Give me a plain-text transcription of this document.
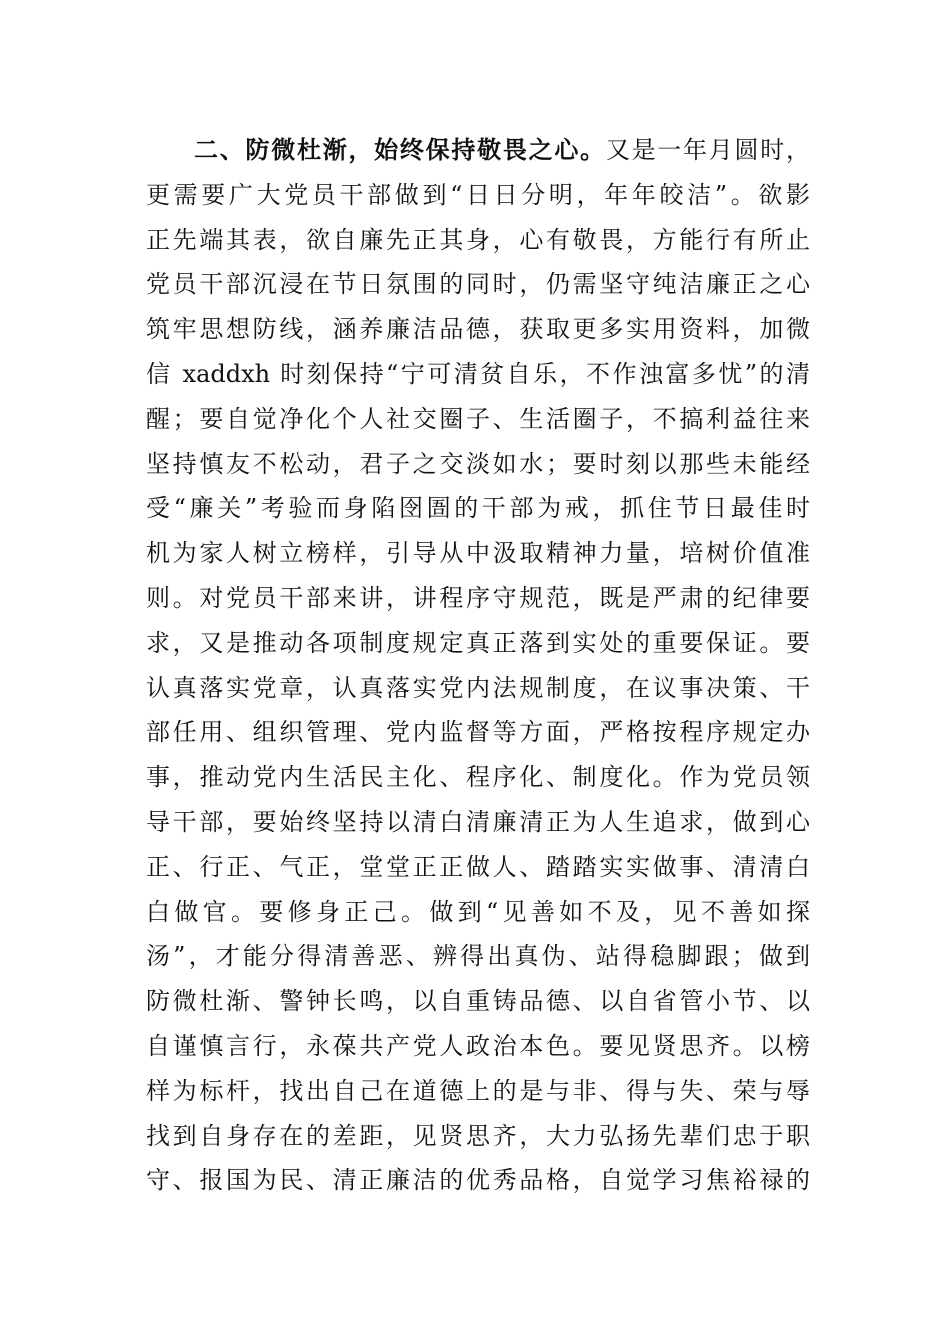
二、防微杜渐，始终保持敬畏之心。又是一年月圆时，
更需要广大党员干部做到“日日分明，年年皎洁”。欲影
正先端其表，欲自廉先正其身，心有敬畏，方能行有所止
党员干部沉浸在节日氛围的同时，仍需坚守纯洁廉正之心
筑牢思想防线，涵养廉洁品德，获取更多实用资料，加微
信 xaddxh 时刻保持“宁可清贫自乐，不作浊富多忧”的清
醒；要自觉净化个人社交圈子、生活圈子，不搞利益往来
坚持慎友不松动，君子之交淡如水；要时刻以那些未能经
受“廉关”考验而身陷囹圄的干部为戒，抓住节日最佳时
机为家人树立榜样，引导从中汲取精神力量，培树价值准
则。对党员干部来讲，讲程序守规范，既是严肃的纪律要
求，又是推动各项制度规定真正落到实处的重要保证。要
认真落实党章，认真落实党内法规制度，在议事决策、干
部任用、组织管理、党内监督等方面，严格按程序规定办
事，推动党内生活民主化、程序化、制度化。作为党员领
导干部，要始终坚持以清白清廉清正为人生追求，做到心
正、行正、气正，堂堂正正做人、踏踏实实做事、清清白
白做官。要修身正己。做到“见善如不及，见不善如探
汤”，才能分得清善恶、辨得出真伪、站得稳脚跟；做到
防微杜渐、警钟长鸣，以自重铸品德、以自省管小节、以
自谨慎言行，永葆共产党人政治本色。要见贤思齐。以榜
样为标杆，找出自己在道德上的是与非、得与失、荣与辱
找到自身存在的差距，见贤思齐，大力弘扬先辈们忠于职
守、报国为民、清正廉洁的优秀品格，自觉学习焦裕禄的
